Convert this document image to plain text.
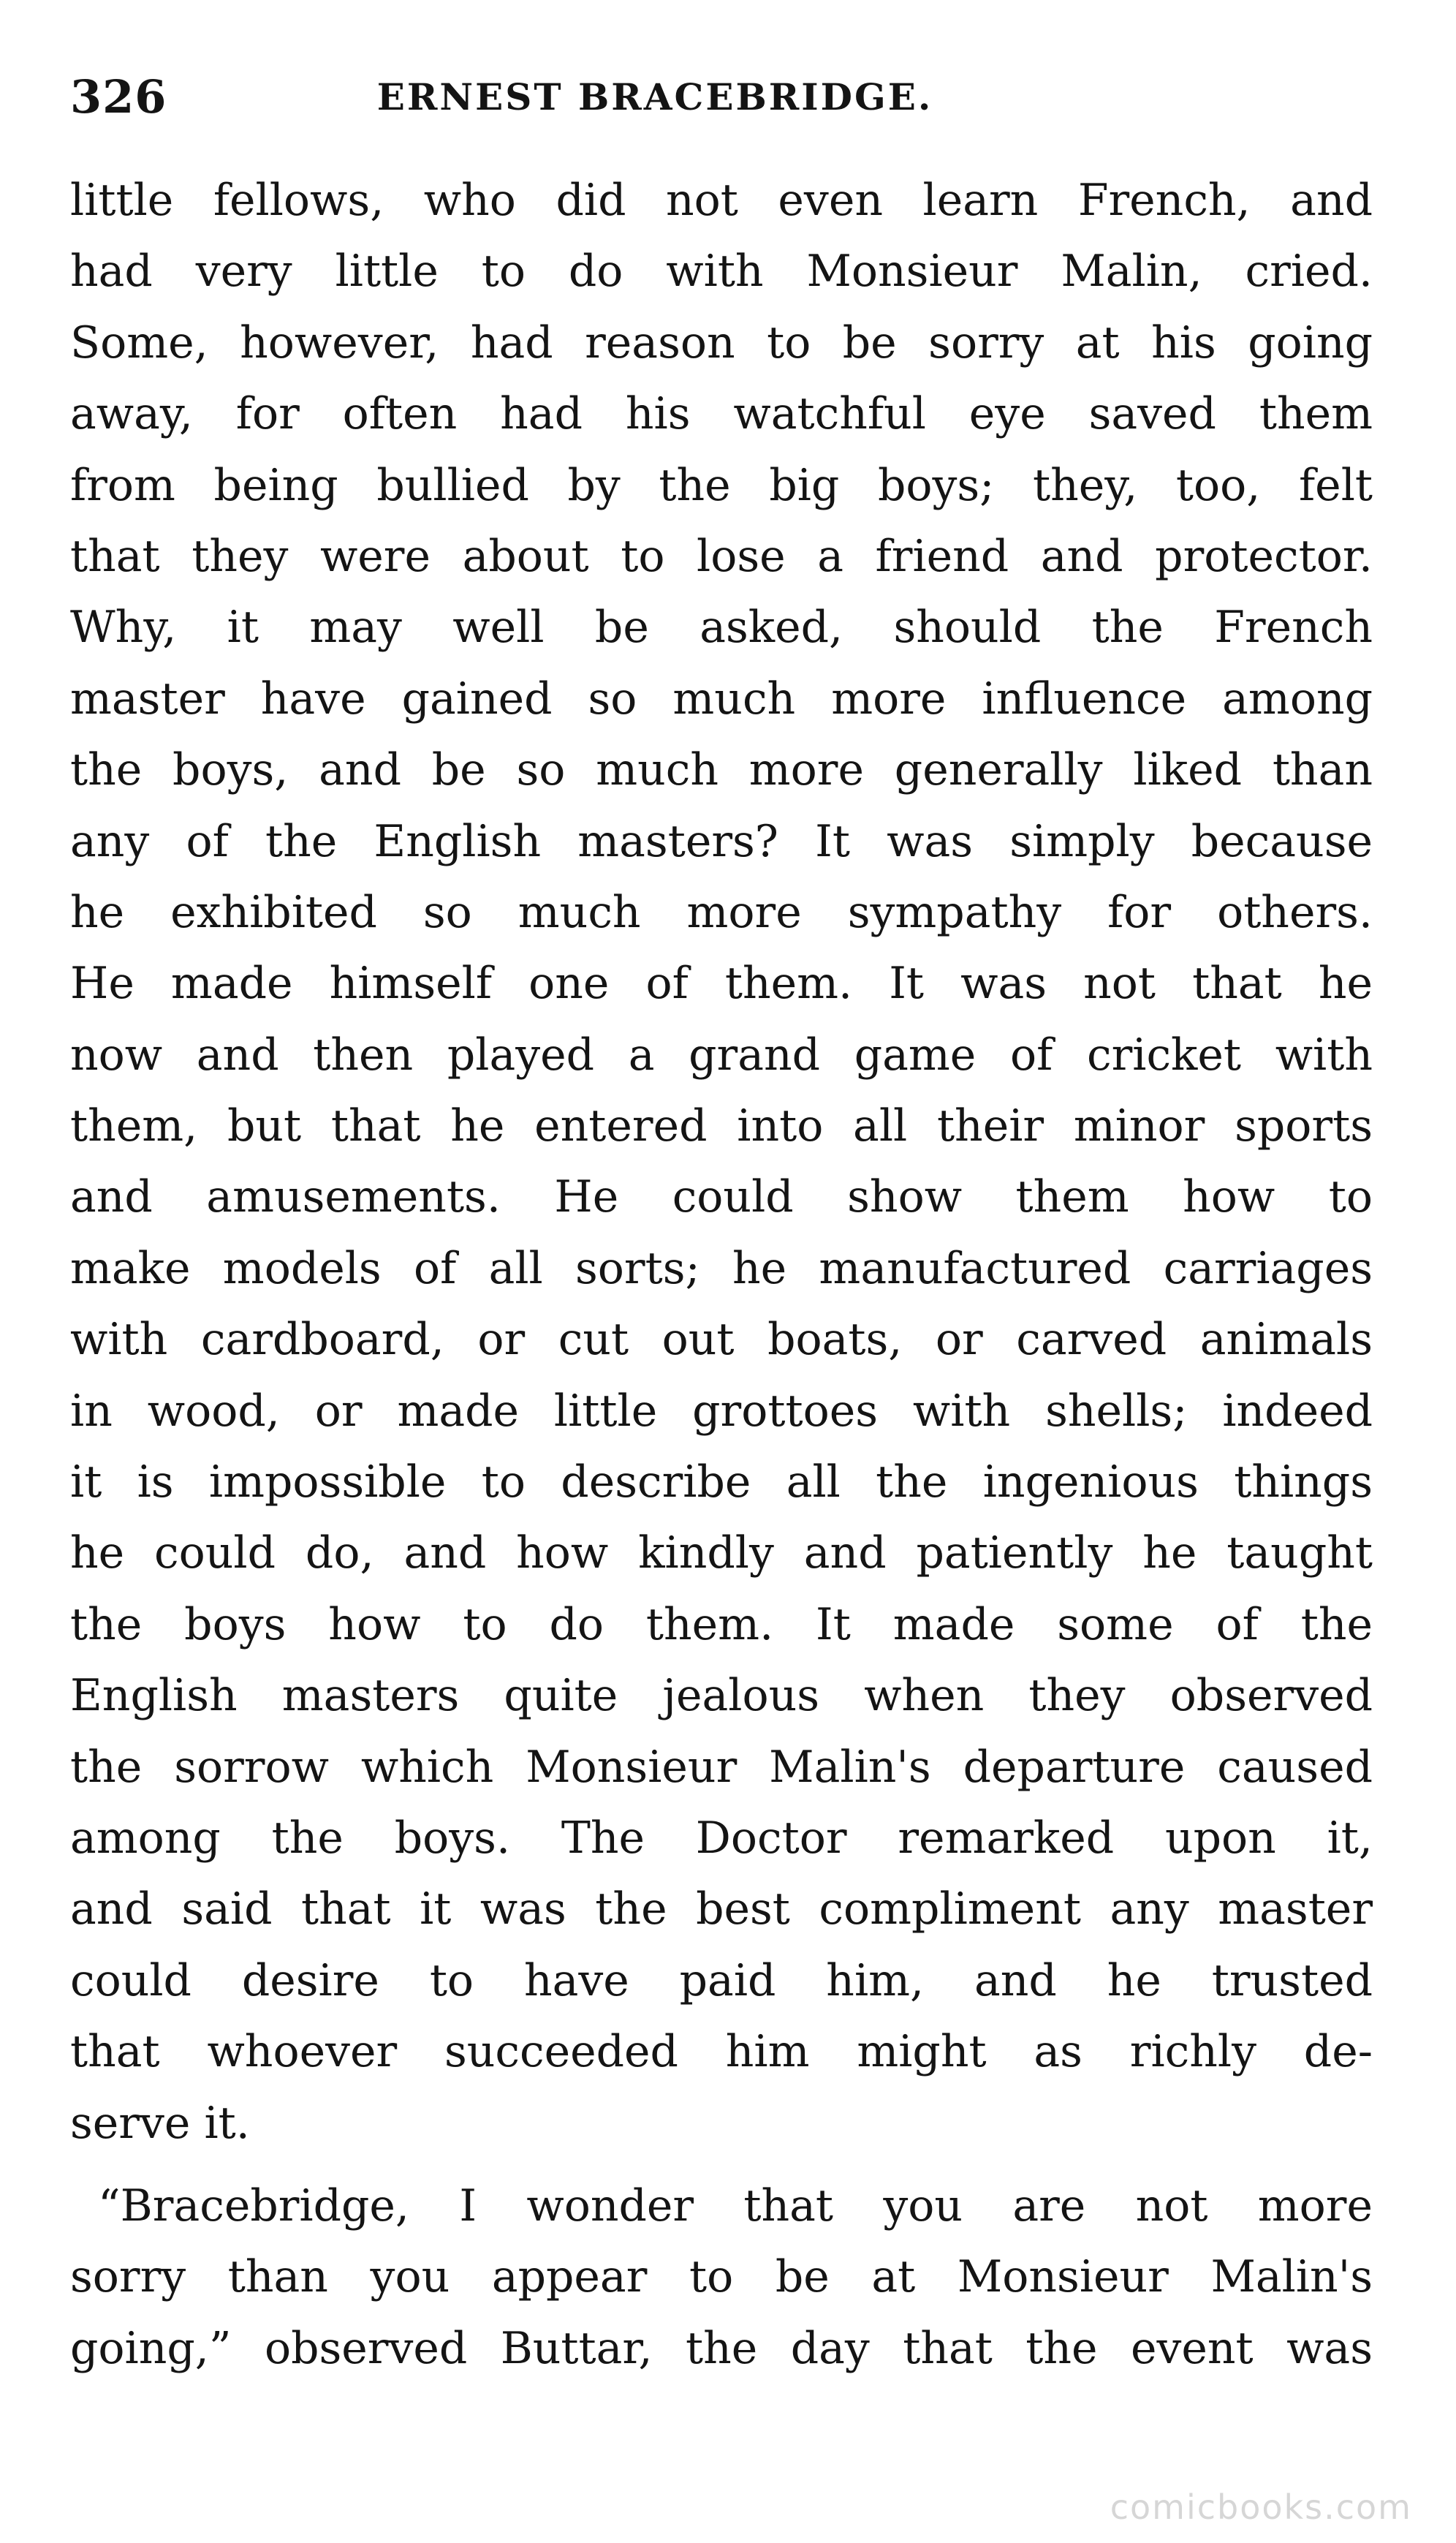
326	ERNEST BRACEBRIDGE.
little fellows, who did not even learn French, and
had very little to do with Monsieur Malin, cried.
Some, however, had reason to be sorry at his going
away, for often had his watchful eye saved them
from being bullied by the big boys; they, too, felt
that they were about to lose a friend and protector.
Why, it may well be asked, should the French
master have gained so much more influence among
the boys, and be so much more generally liked than
any of the English masters? It was simply because
he exhibited so much more sympathy for others.
He made himself one of them. It was not that he
now and then played a grand game of cricket with
them, but that he entered into all their minor sports
and amusements. He could show them how to
make models of all sorts; he manufactured carriages
with cardboard, or cut out boats, or carved animals
in wood, or made little grottoes with shells; indeed
it is impossible to describe all the ingenious things
he could do, and how kindly and patiently he taught
the boys how to do them. It made some of the
English masters quite jealous when they observed
the sorrow which Monsieur Malin's departure caused
among the boys. The Doctor remarked upon it,
and said that it was the best compliment any master
could desire to have paid him, and he trusted
that whoever succeeded him might as richly de-
serve it.
“Bracebridge, I wonder that you are not more
sorry than you appear to be at Monsieur Malin's
going,” observed Buttar, the day that the event was
comicbooks.com
